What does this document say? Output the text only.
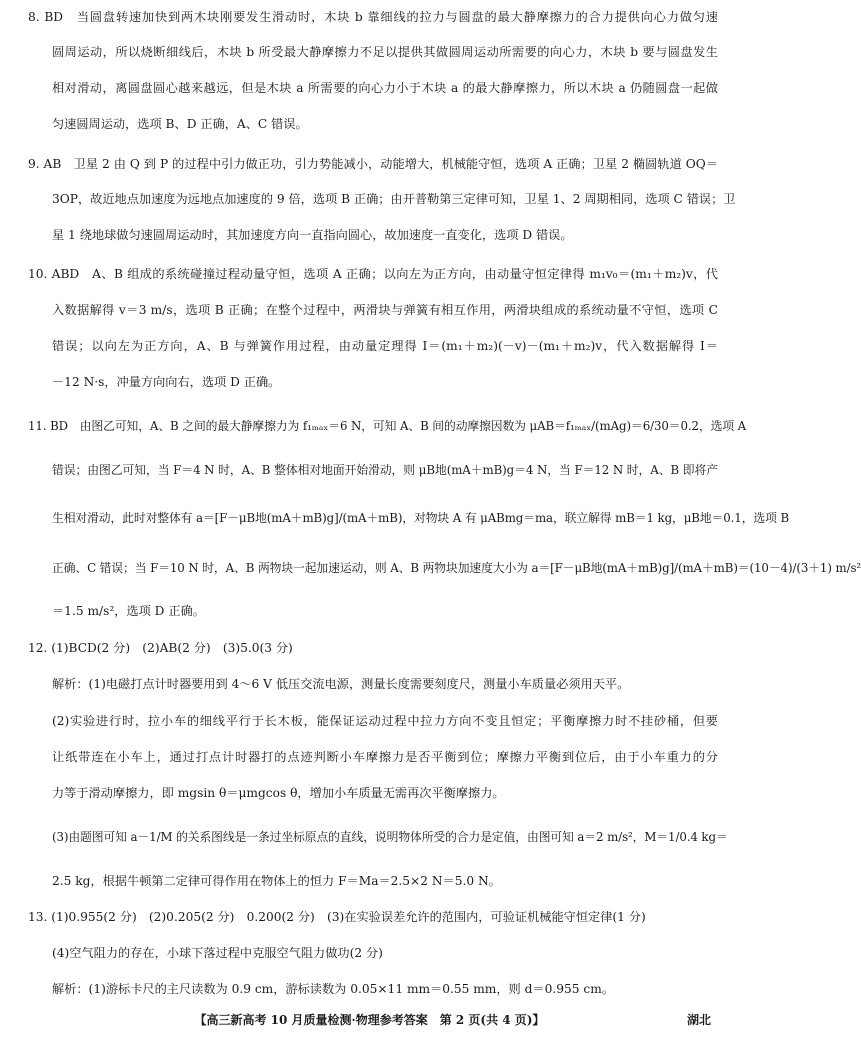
8. BD　当圆盘转速加快到两木块刚要发生滑动时，木块 b 靠细线的拉力与圆盘的最大静摩擦力的合力提供向心力做匀速
圆周运动，所以烧断细线后，木块 b 所受最大静摩擦力不足以提供其做圆周运动所需要的向心力，木块 b 要与圆盘发生
相对滑动，离圆盘圆心越来越远，但是木块 a 所需要的向心力小于木块 a 的最大静摩擦力，所以木块 a 仍随圆盘一起做
匀速圆周运动，选项 B、D 正确，A、C 错误。
9. AB　卫星 2 由 Q 到 P 的过程中引力做正功，引力势能减小，动能增大，机械能守恒，选项 A 正确；卫星 2 椭圆轨道 OQ＝
3OP，故近地点加速度为远地点加速度的 9 倍，选项 B 正确；由开普勒第三定律可知，卫星 1、2 周期相同，选项 C 错误；卫
星 1 绕地球做匀速圆周运动时，其加速度方向一直指向圆心，故加速度一直变化，选项 D 错误。
10. ABD　A、B 组成的系统碰撞过程动量守恒，选项 A 正确；以向左为正方向，由动量守恒定律得 m₁v₀＝(m₁＋m₂)v，代
入数据解得 v＝3 m/s，选项 B 正确；在整个过程中，两滑块与弹簧有相互作用，两滑块组成的系统动量不守恒，选项 C
错误；以向左为正方向，A、B 与弹簧作用过程，由动量定理得 I＝(m₁＋m₂)(－v)－(m₁＋m₂)v，代入数据解得 I＝
－12 N·s，冲量方向向右，选项 D 正确。
11. BD　由图乙可知，A、B 之间的最大静摩擦力为 f₁ₘₐₓ＝6 N，可知 A、B 间的动摩擦因数为 μAB＝f₁ₘₐₓ/(mAg)＝6/30＝0.2，选项 A
错误；由图乙可知，当 F＝4 N 时，A、B 整体相对地面开始滑动，则 μB地(mA＋mB)g＝4 N，当 F＝12 N 时，A、B 即将产
生相对滑动，此时对整体有 a＝[F－μB地(mA＋mB)g]/(mA＋mB)，对物块 A 有 μABmg＝ma，联立解得 mB＝1 kg，μB地＝0.1，选项 B
正确、C 错误；当 F＝10 N 时，A、B 两物块一起加速运动，则 A、B 两物块加速度大小为 a＝[F－μB地(mA＋mB)g]/(mA＋mB)＝(10－4)/(3＋1) m/s²
＝1.5 m/s²，选项 D 正确。
12. (1)BCD(2 分)　(2)AB(2 分)　(3)5.0(3 分)
解析：(1)电磁打点计时器要用到 4～6 V 低压交流电源，测量长度需要刻度尺，测量小车质量必须用天平。
(2)实验进行时，拉小车的细线平行于长木板，能保证运动过程中拉力方向不变且恒定；平衡摩擦力时不挂砂桶，但要
让纸带连在小车上，通过打点计时器打的点迹判断小车摩擦力是否平衡到位；摩擦力平衡到位后，由于小车重力的分
力等于滑动摩擦力，即 mgsin θ＝μmgcos θ，增加小车质量无需再次平衡摩擦力。
(3)由题图可知 a－1/M 的关系图线是一条过坐标原点的直线，说明物体所受的合力是定值，由图可知 a＝2 m/s²，M＝1/0.4 kg＝
2.5 kg，根据牛顿第二定律可得作用在物体上的恒力 F＝Ma＝2.5×2 N＝5.0 N。
13. (1)0.955(2 分)　(2)0.205(2 分)　0.200(2 分)　(3)在实验误差允许的范围内，可验证机械能守恒定律(1 分)
(4)空气阻力的存在，小球下落过程中克服空气阻力做功(2 分)
解析：(1)游标卡尺的主尺读数为 0.9 cm，游标读数为 0.05×11 mm＝0.55 mm，则 d＝0.955 cm。
【高三新高考 10 月质量检测·物理参考答案　第 2 页(共 4 页)】	湖北
